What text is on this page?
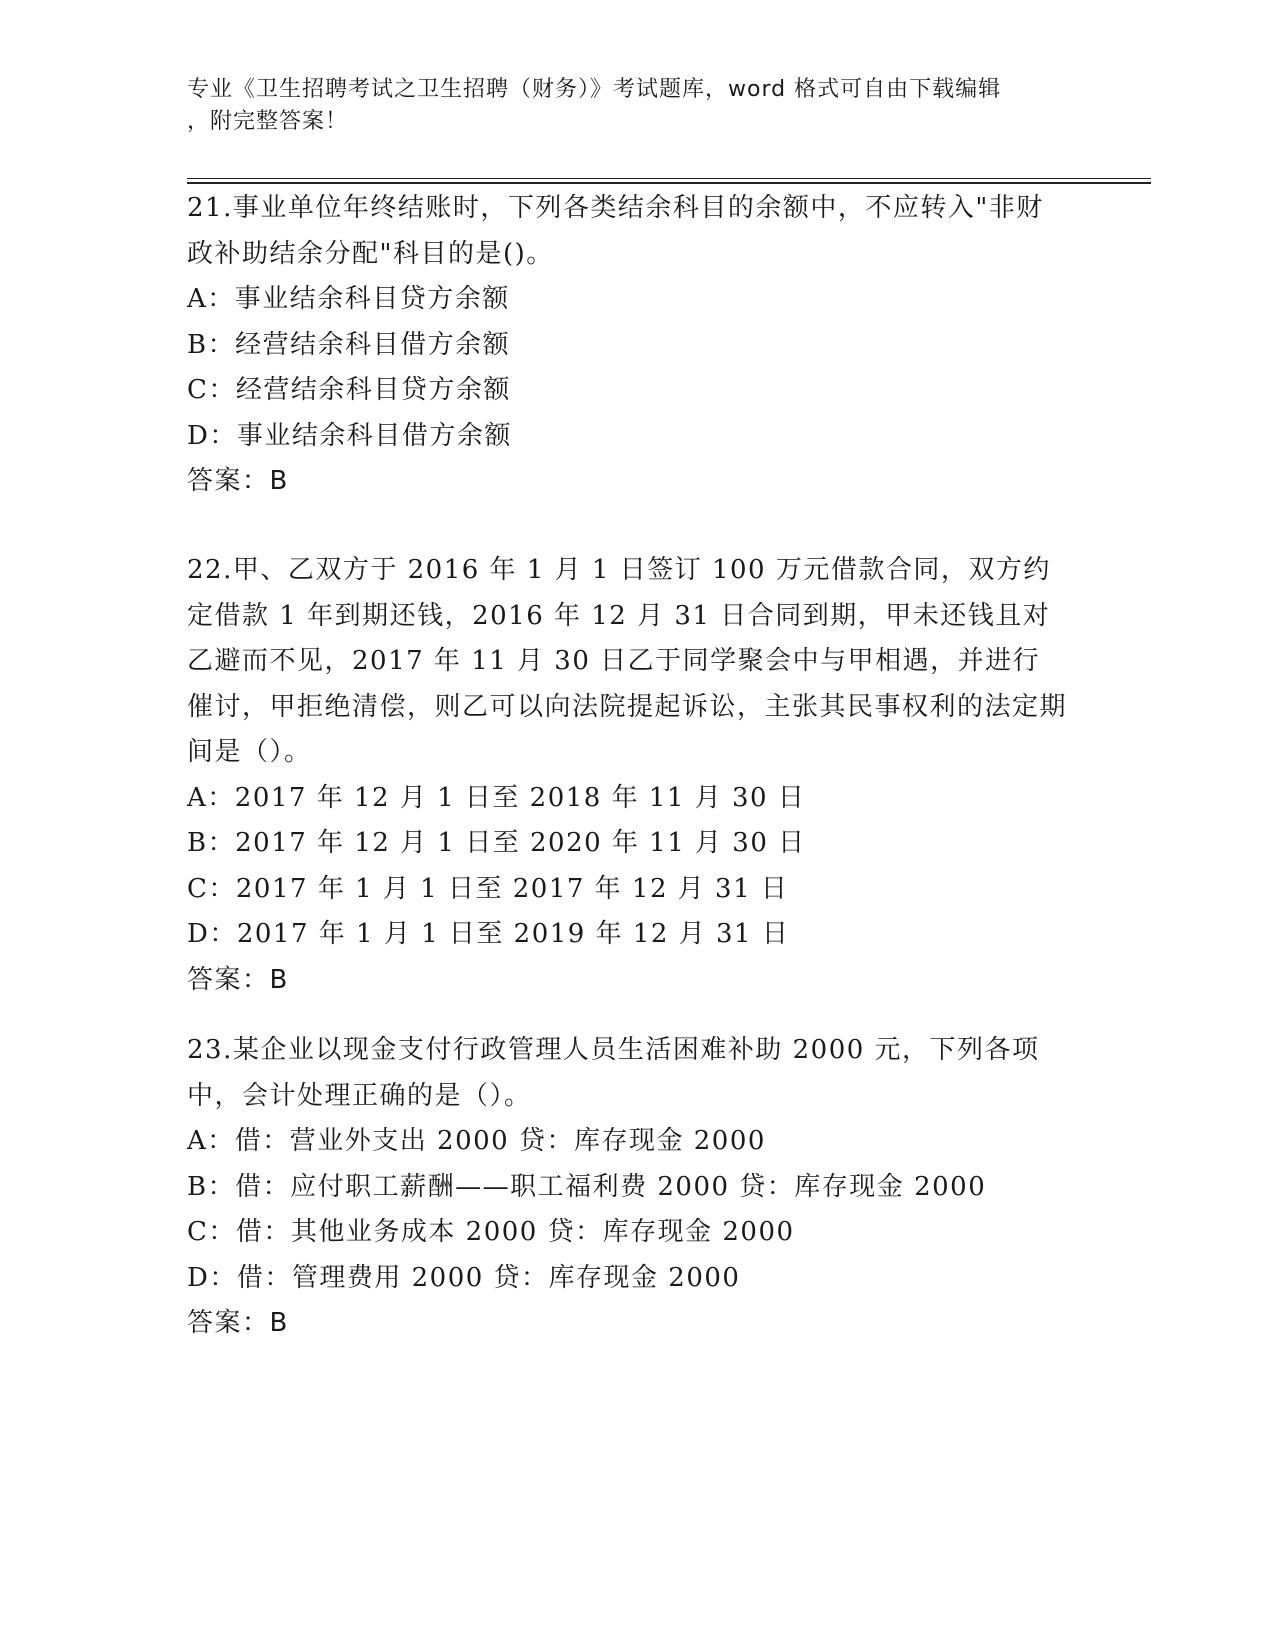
专业《卫生招聘考试之卫生招聘（财务）》考试题库，word 格式可自由下载编辑
，附完整答案！

21.事业单位年终结账时，下列各类结余科目的余额中，不应转入"非财政补助结余分配"科目的是()。

A：事业结余科目贷方余额

B：经营结余科目借方余额

C：经营结余科目贷方余额

D：事业结余科目借方余额

答案：B

22.甲、乙双方于 2016 年 1 月 1 日签订 100 万元借款合同，双方约定借款 1 年到期还钱，2016 年 12 月 31 日合同到期，甲未还钱且对乙避而不见，2017 年 11 月 30 日乙于同学聚会中与甲相遇，并进行催讨，甲拒绝清偿，则乙可以向法院提起诉讼，主张其民事权利的法定期间是（）。

A：2017 年 12 月 1 日至 2018 年 11 月 30 日

B：2017 年 12 月 1 日至 2020 年 11 月 30 日

C：2017 年 1 月 1 日至 2017 年 12 月 31 日

D：2017 年 1 月 1 日至 2019 年 12 月 31 日

答案：B

23.某企业以现金支付行政管理人员生活困难补助 2000 元，下列各项中，会计处理正确的是（）。

A：借：营业外支出 2000 贷：库存现金 2000

B：借：应付职工薪酬——职工福利费 2000 贷：库存现金 2000

C：借：其他业务成本 2000 贷：库存现金 2000

D：借：管理费用 2000 贷：库存现金 2000

答案：B
